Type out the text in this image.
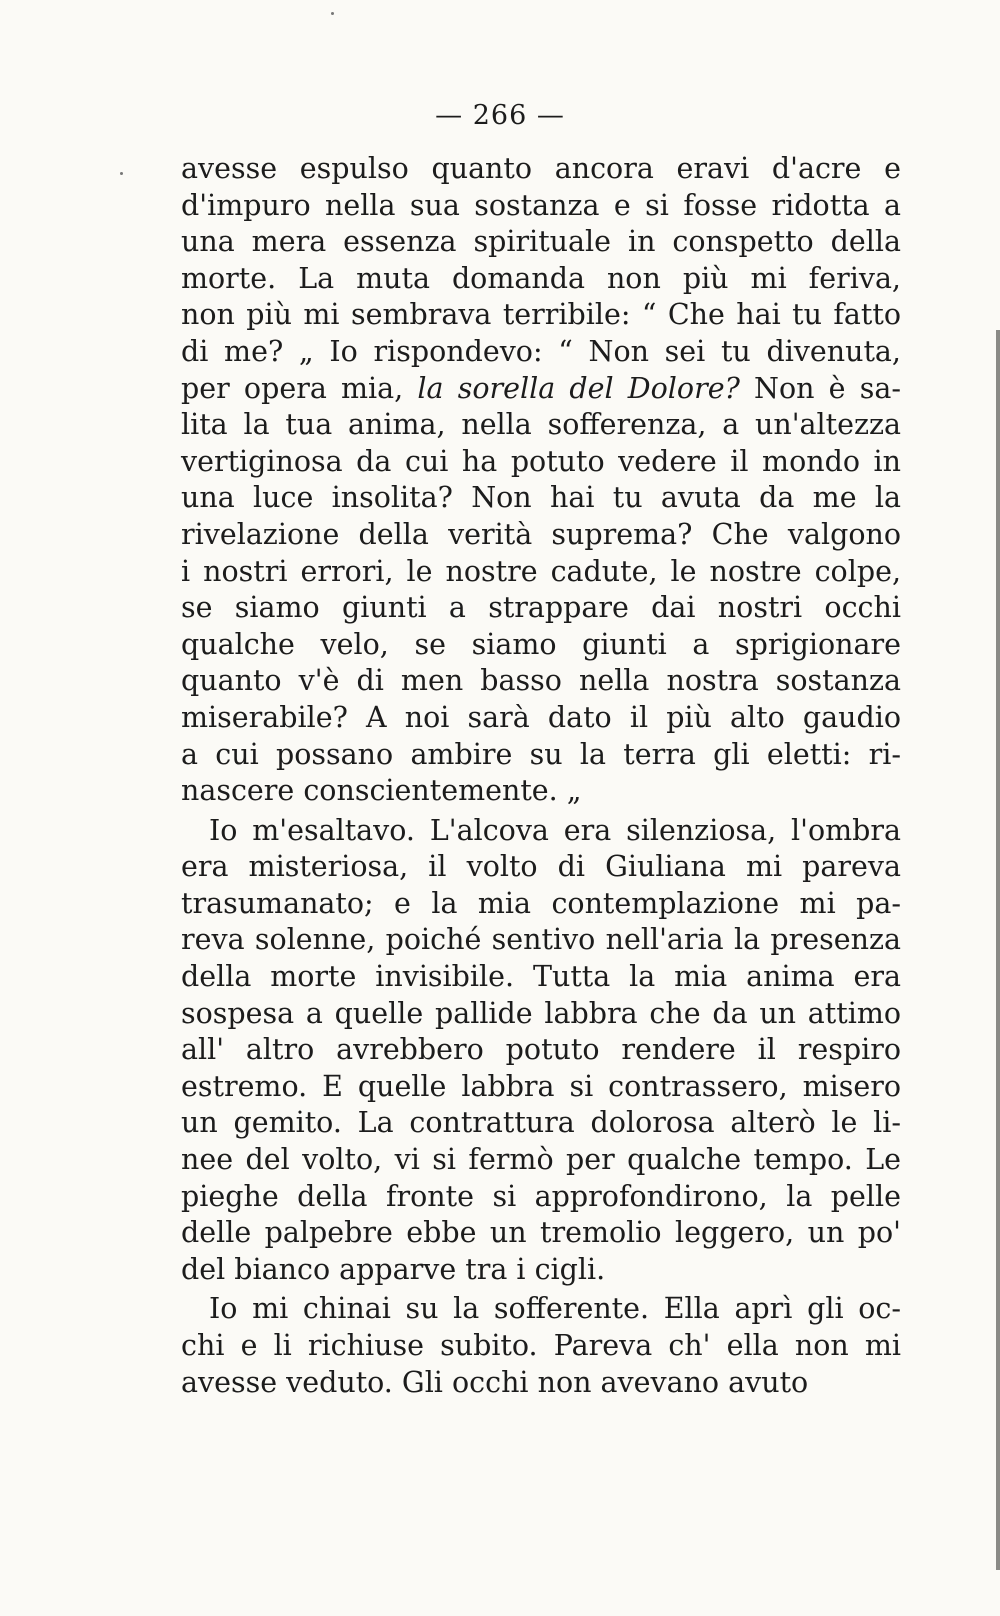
— 266 —
avesse espulso quanto ancora eravi d'acre e
d'impuro nella sua sostanza e si fosse ridotta a
una mera essenza spirituale in conspetto della
morte. La muta domanda non più mi feriva,
non più mi sembrava terribile: “ Che hai tu fatto
di me? „ Io rispondevo: “ Non sei tu divenuta,
per opera mia, la sorella del Dolore? Non è sa-
lita la tua anima, nella sofferenza, a un'altezza
vertiginosa da cui ha potuto vedere il mondo in
una luce insolita? Non hai tu avuta da me la
rivelazione della verità suprema? Che valgono
i nostri errori, le nostre cadute, le nostre colpe,
se siamo giunti a strappare dai nostri occhi
qualche velo, se siamo giunti a sprigionare
quanto v'è di men basso nella nostra sostanza
miserabile? A noi sarà dato il più alto gaudio
a cui possano ambire su la terra gli eletti: ri-
nascere conscientemente. „
Io m'esaltavo. L'alcova era silenziosa, l'ombra
era misteriosa, il volto di Giuliana mi pareva
trasumanato; e la mia contemplazione mi pa-
reva solenne, poiché sentivo nell'aria la presenza
della morte invisibile. Tutta la mia anima era
sospesa a quelle pallide labbra che da un attimo
all' altro avrebbero potuto rendere il respiro
estremo. E quelle labbra si contrassero, misero
un gemito. La contrattura dolorosa alterò le li-
nee del volto, vi si fermò per qualche tempo. Le
pieghe della fronte si approfondirono, la pelle
delle palpebre ebbe un tremolio leggero, un po'
del bianco apparve tra i cigli.
Io mi chinai su la sofferente. Ella aprì gli oc-
chi e li richiuse subito. Pareva ch' ella non mi
avesse veduto. Gli occhi non avevano avuto
